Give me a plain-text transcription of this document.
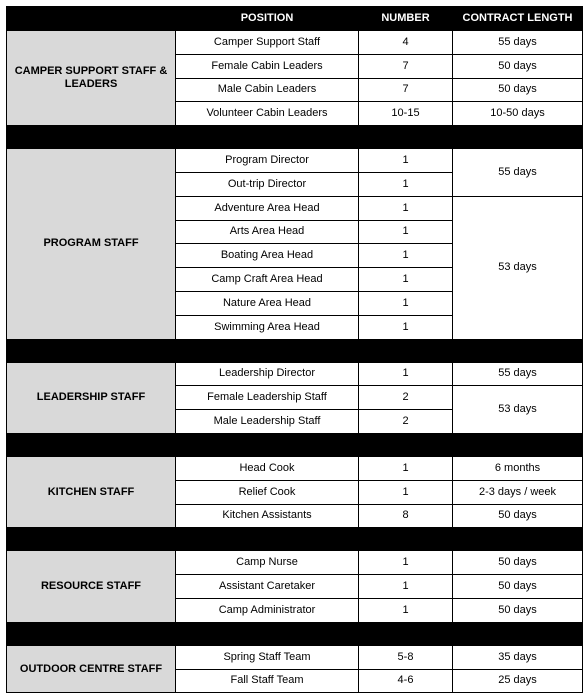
	POSITION	NUMBER	CONTRACT LENGTH
CAMPER SUPPORT STAFF & LEADERS	Camper Support Staff	4	55 days
	Female Cabin Leaders	7	50 days
	Male Cabin Leaders	7	50 days
	Volunteer Cabin Leaders	10-15	10-50 days

PROGRAM STAFF	Program Director	1	55 days
	Out-trip Director	1	
	Adventure Area Head	1	53 days
	Arts Area Head	1	
	Boating Area Head	1	
	Camp Craft Area Head	1	
	Nature Area Head	1	
	Swimming Area Head	1	

LEADERSHIP STAFF	Leadership Director	1	55 days
	Female Leadership Staff	2	53 days
	Male Leadership Staff	2	

KITCHEN STAFF	Head Cook	1	6 months
	Relief Cook	1	2-3 days / week
	Kitchen Assistants	8	50 days

RESOURCE STAFF	Camp Nurse	1	50 days
	Assistant Caretaker	1	50 days
	Camp Administrator	1	50 days

OUTDOOR CENTRE STAFF	Spring Staff Team	5-8	35 days
	Fall Staff Team	4-6	25 days
